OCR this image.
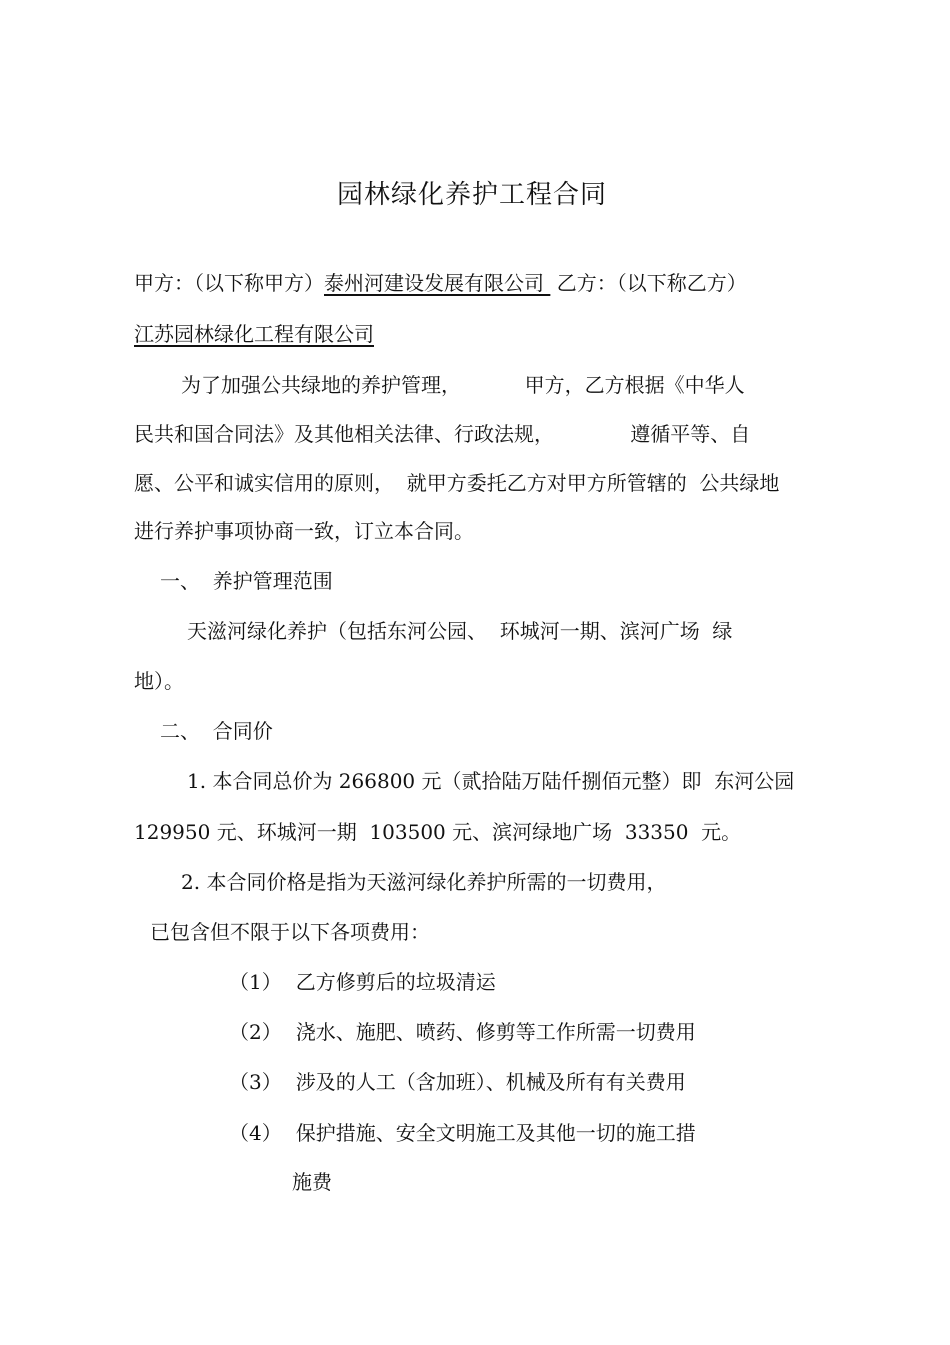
园林绿化养护工程合同
甲方：（以下称甲方）泰州河建设发展有限公司  乙方：（以下称乙方）
江苏园林绿化工程有限公司
为了加强公共绿地的养护管理，          甲方，乙方根据《中华人
民共和国合同法》及其他相关法律、行政法规，            遵循平等、自
愿、公平和诚实信用的原则，  就甲方委托乙方对甲方所管辖的  公共绿地
进行养护事项协商一致，订立本合同。
一、  养护管理范围
天滋河绿化养护（包括东河公园、  环城河一期、滨河广场  绿
地）。
二、  合同价
1. 本合同总价为 266800 元（贰拾陆万陆仟捌佰元整）即  东河公园
129950 元、环城河一期  103500 元、滨河绿地广场  33350  元。
2. 本合同价格是指为天滋河绿化养护所需的一切费用，
已包含但不限于以下各项费用：
（1） 乙方修剪后的垃圾清运
（2） 浇水、施肥、喷药、修剪等工作所需一切费用
（3） 涉及的人工（含加班）、机械及所有有关费用
（4） 保护措施、安全文明施工及其他一切的施工措
施费
